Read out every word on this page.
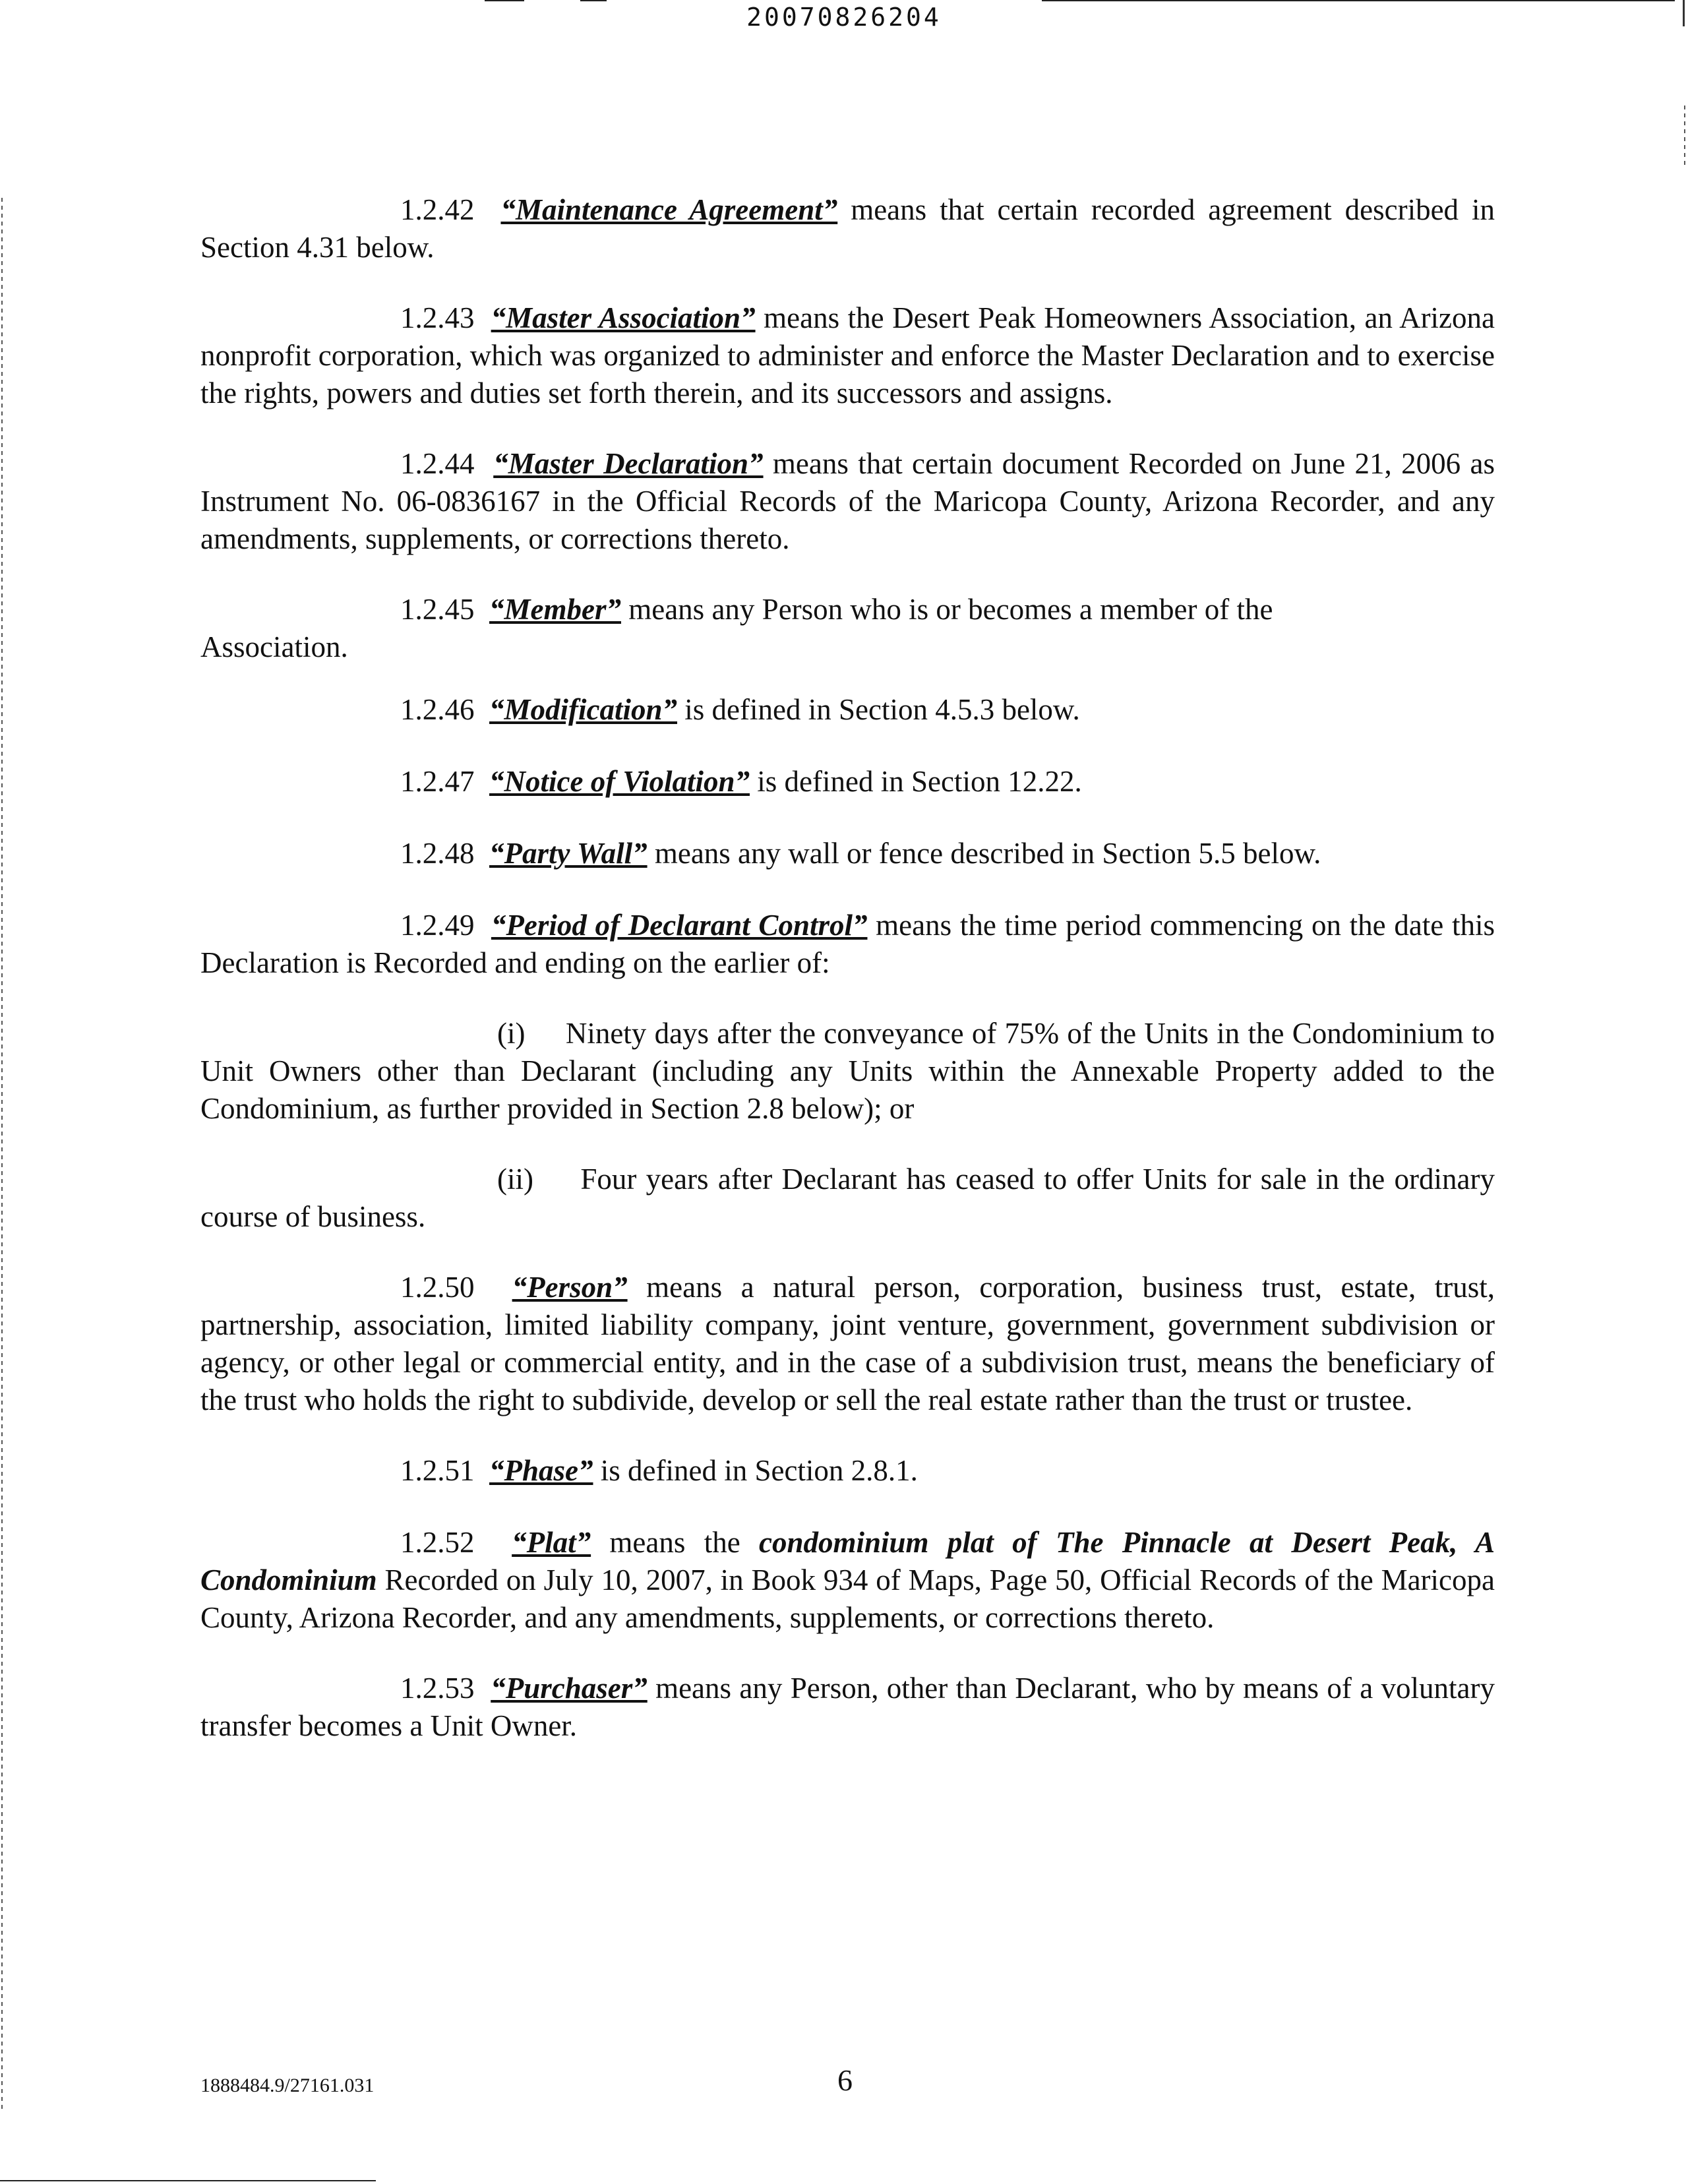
20070826204

1.2.42 “Maintenance Agreement” means that certain recorded agreement described in Section 4.31 below.

1.2.43 “Master Association” means the Desert Peak Homeowners Association, an Arizona nonprofit corporation, which was organized to administer and enforce the Master Declaration and to exercise the rights, powers and duties set forth therein, and its successors and assigns.

1.2.44 “Master Declaration” means that certain document Recorded on June 21, 2006 as Instrument No. 06-0836167 in the Official Records of the Maricopa County, Arizona Recorder, and any amendments, supplements, or corrections thereto.

1.2.45 “Member” means any Person who is or becomes a member of the
Association.

1.2.46 “Modification” is defined in Section 4.5.3 below.

1.2.47 “Notice of Violation” is defined in Section 12.22.

1.2.48 “Party Wall” means any wall or fence described in Section 5.5 below.

1.2.49 “Period of Declarant Control” means the time period commencing on the date this Declaration is Recorded and ending on the earlier of:

(i) Ninety days after the conveyance of 75% of the Units in the Condominium to Unit Owners other than Declarant (including any Units within the Annexable Property added to the Condominium, as further provided in Section 2.8 below); or

(ii) Four years after Declarant has ceased to offer Units for sale in the ordinary course of business.

1.2.50 “Person” means a natural person, corporation, business trust, estate, trust, partnership, association, limited liability company, joint venture, government, government subdivision or agency, or other legal or commercial entity, and in the case of a subdivision trust, means the beneficiary of the trust who holds the right to subdivide, develop or sell the real estate rather than the trust or trustee.

1.2.51 “Phase” is defined in Section 2.8.1.

1.2.52 “Plat” means the condominium plat of The Pinnacle at Desert Peak, A Condominium Recorded on July 10, 2007, in Book 934 of Maps, Page 50, Official Records of the Maricopa County, Arizona Recorder, and any amendments, supplements, or corrections thereto.

1.2.53 “Purchaser” means any Person, other than Declarant, who by means of a voluntary transfer becomes a Unit Owner.

1888484.9/27161.031	6
